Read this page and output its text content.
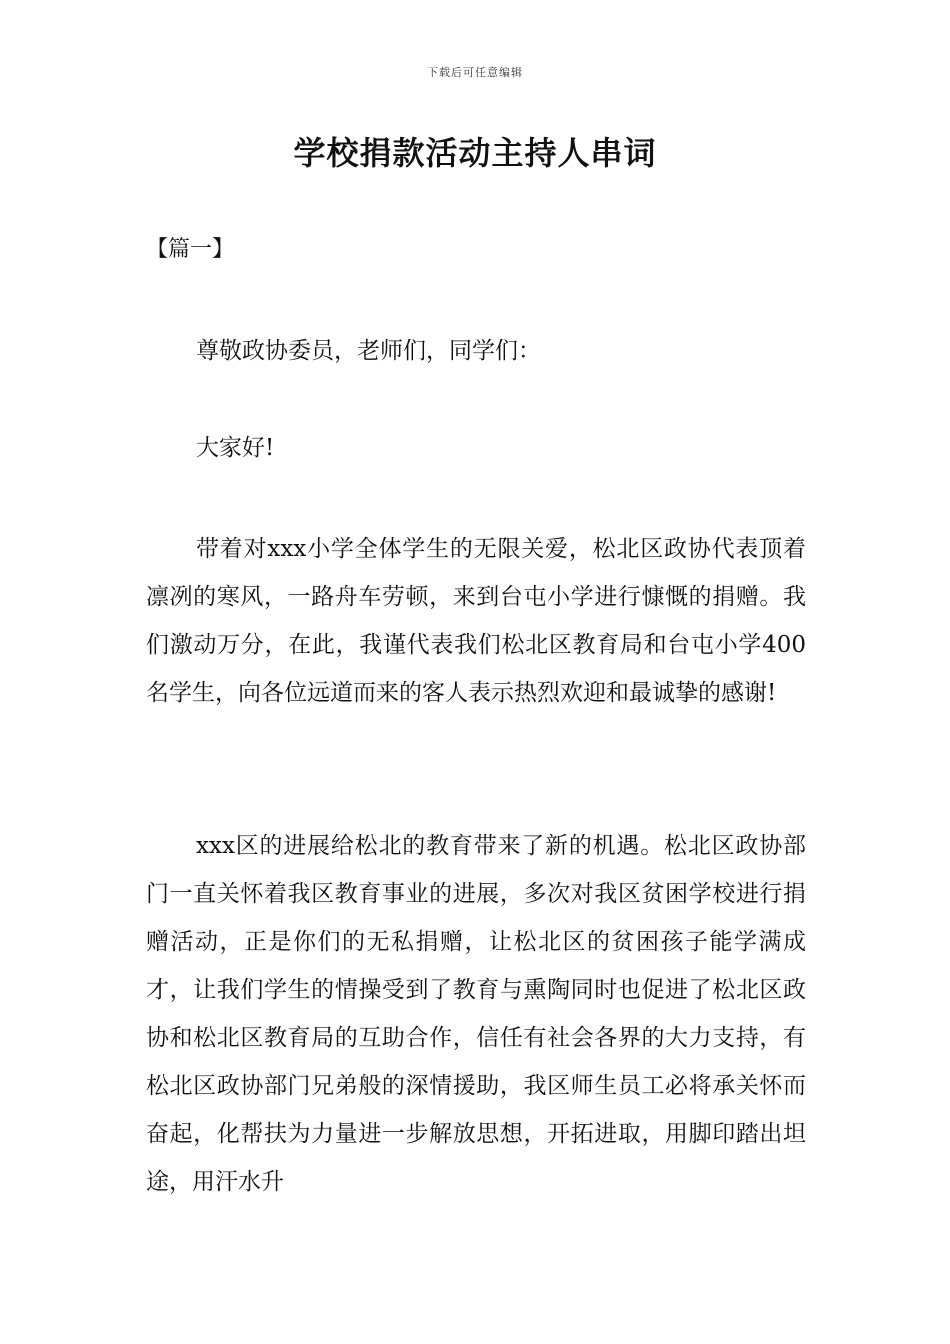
下载后可任意编辑
学校捐款活动主持人串词
【篇一】

尊敬政协委员，老师们，同学们：

大家好!

带着对xxx小学全体学生的无限关爱，松北区政协代表顶着凛冽的寒风，一路舟车劳顿，来到台屯小学进行慷慨的捐赠。我们激动万分，在此，我谨代表我们松北区教育局和台屯小学400名学生，向各位远道而来的客人表示热烈欢迎和最诚挚的感谢!

xxx区的进展给松北的教育带来了新的机遇。松北区政协部门一直关怀着我区教育事业的进展，多次对我区贫困学校进行捐赠活动，正是你们的无私捐赠，让松北区的贫困孩子能学满成才，让我们学生的情操受到了教育与熏陶同时也促进了松北区政协和松北区教育局的互助合作，信任有社会各界的大力支持，有松北区政协部门兄弟般的深情援助，我区师生员工必将承关怀而奋起，化帮扶为力量进一步解放思想，开拓进取，用脚印踏出坦途，用汗水升
